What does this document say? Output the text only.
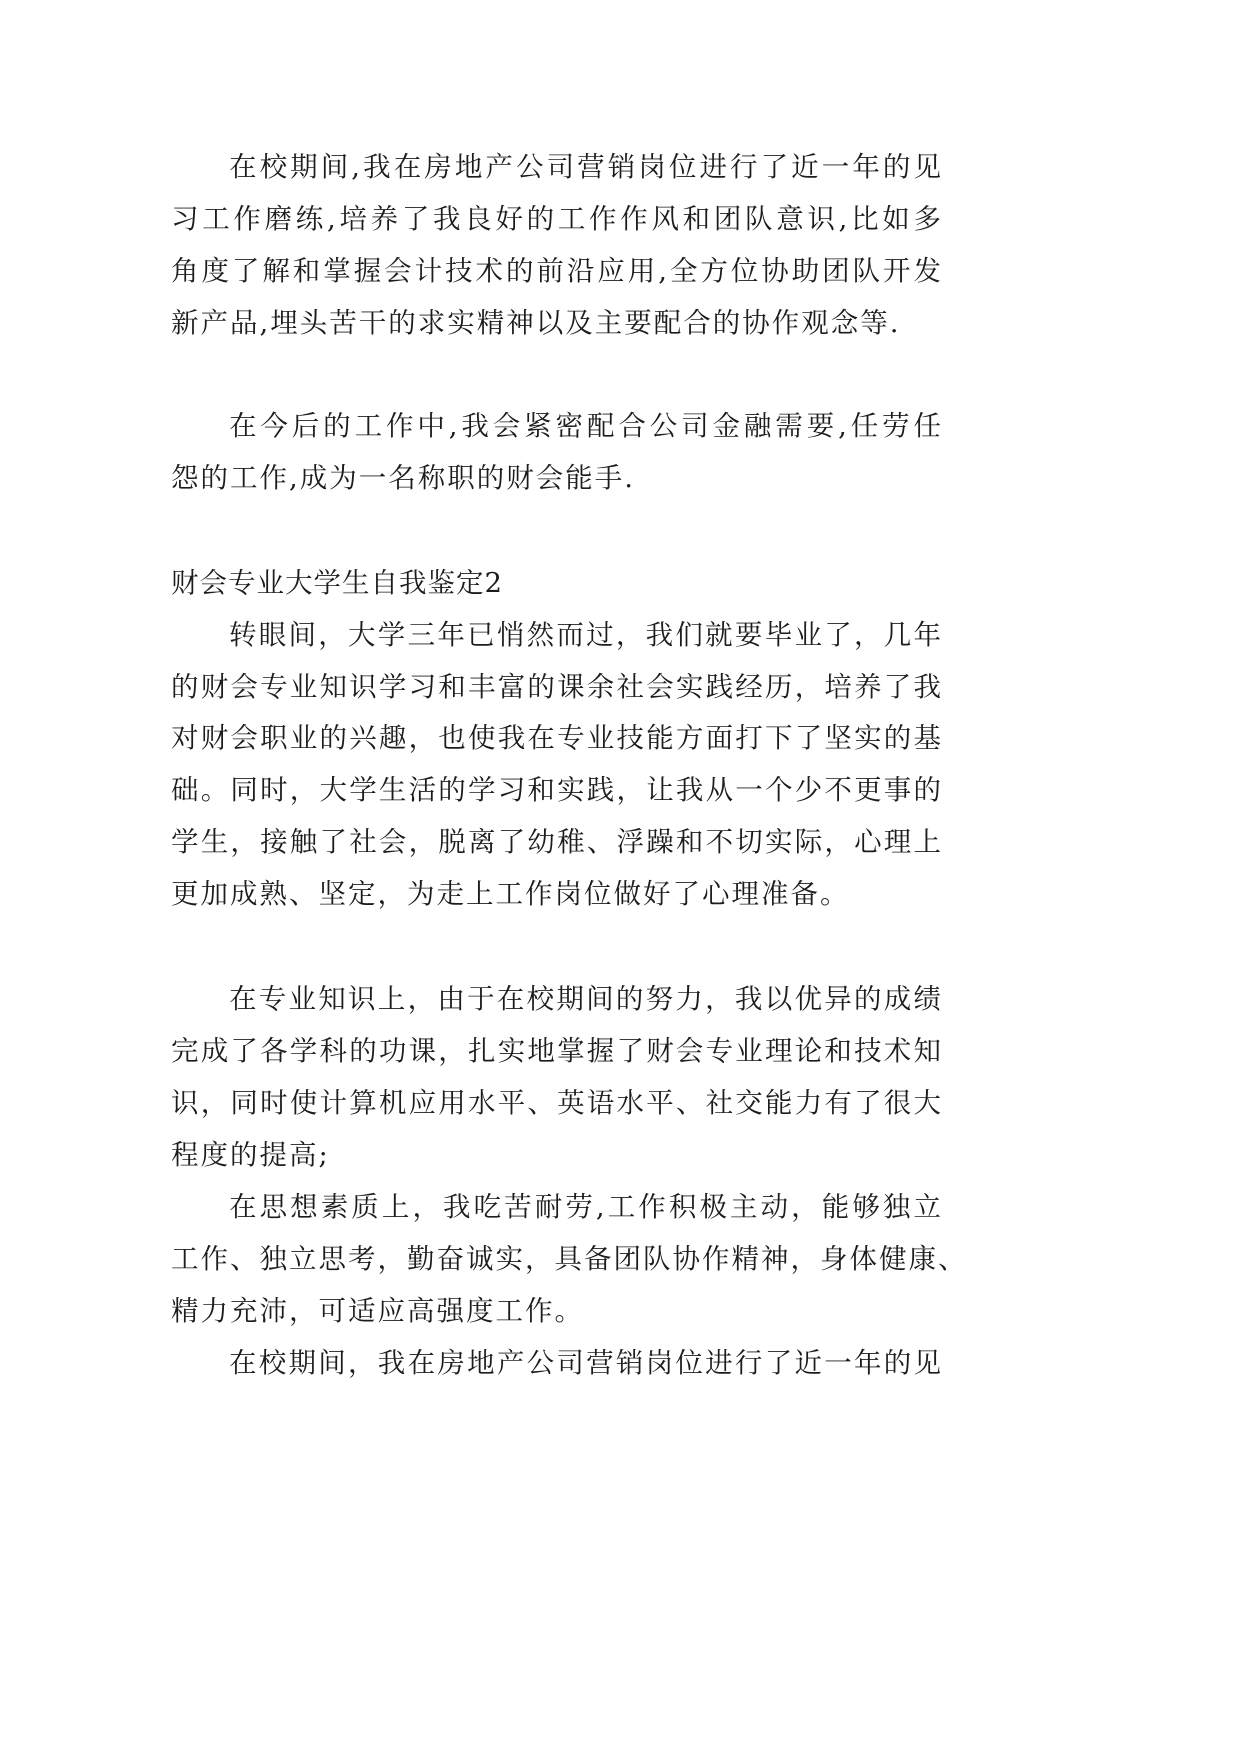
在校期间,我在房地产公司营销岗位进行了近一年的见
习工作磨练,培养了我良好的工作作风和团队意识,比如多
角度了解和掌握会计技术的前沿应用,全方位协助团队开发
新产品,埋头苦干的求实精神以及主要配合的协作观念等.
在今后的工作中,我会紧密配合公司金融需要,任劳任
怨的工作,成为一名称职的财会能手.
财会专业大学生自我鉴定2
转眼间，大学三年已悄然而过，我们就要毕业了，几年
的财会专业知识学习和丰富的课余社会实践经历，培养了我
对财会职业的兴趣，也使我在专业技能方面打下了坚实的基
础。同时，大学生活的学习和实践，让我从一个少不更事的
学生，接触了社会，脱离了幼稚、浮躁和不切实际，心理上
更加成熟、坚定，为走上工作岗位做好了心理准备。
在专业知识上，由于在校期间的努力，我以优异的成绩
完成了各学科的功课，扎实地掌握了财会专业理论和技术知
识，同时使计算机应用水平、英语水平、社交能力有了很大
程度的提高;
在思想素质上，我吃苦耐劳,工作积极主动，能够独立
工作、独立思考，勤奋诚实，具备团队协作精神，身体健康、
精力充沛，可适应高强度工作。
在校期间，我在房地产公司营销岗位进行了近一年的见
